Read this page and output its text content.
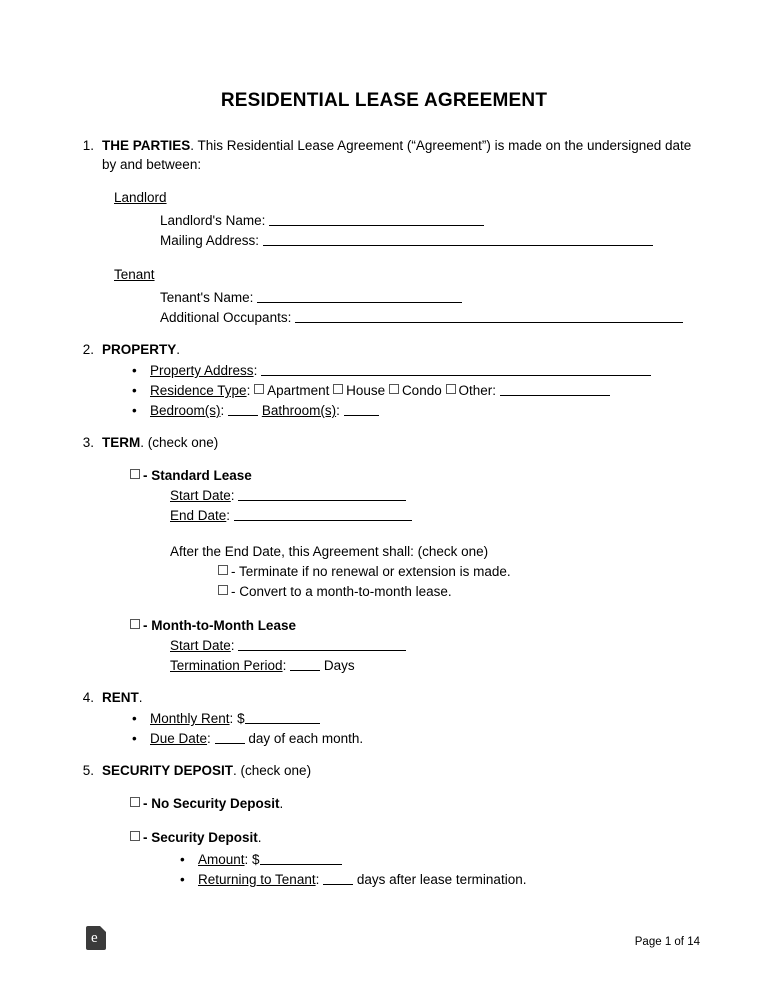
RESIDENTIAL LEASE AGREEMENT
1. THE PARTIES. This Residential Lease Agreement (“Agreement”) is made on the undersigned date by and between:
Landlord
Landlord's Name:
Mailing Address:
Tenant
Tenant's Name:
Additional Occupants:
2. PROPERTY.
• Property Address:
• Residence Type: Apartment House Condo Other:
• Bedroom(s):	Bathroom(s):
3. TERM. (check one)
- Standard Lease
Start Date:
End Date:
After the End Date, this Agreement shall: (check one)
- Terminate if no renewal or extension is made.
- Convert to a month-to-month lease.
- Month-to-Month Lease
Start Date:
Termination Period:	Days
4. RENT.
• Monthly Rent: $
• Due Date:	day of each month.
5. SECURITY DEPOSIT. (check one)
- No Security Deposit.
- Security Deposit.
• Amount: $
• Returning to Tenant:	days after lease termination.
e
Page 1 of 14
